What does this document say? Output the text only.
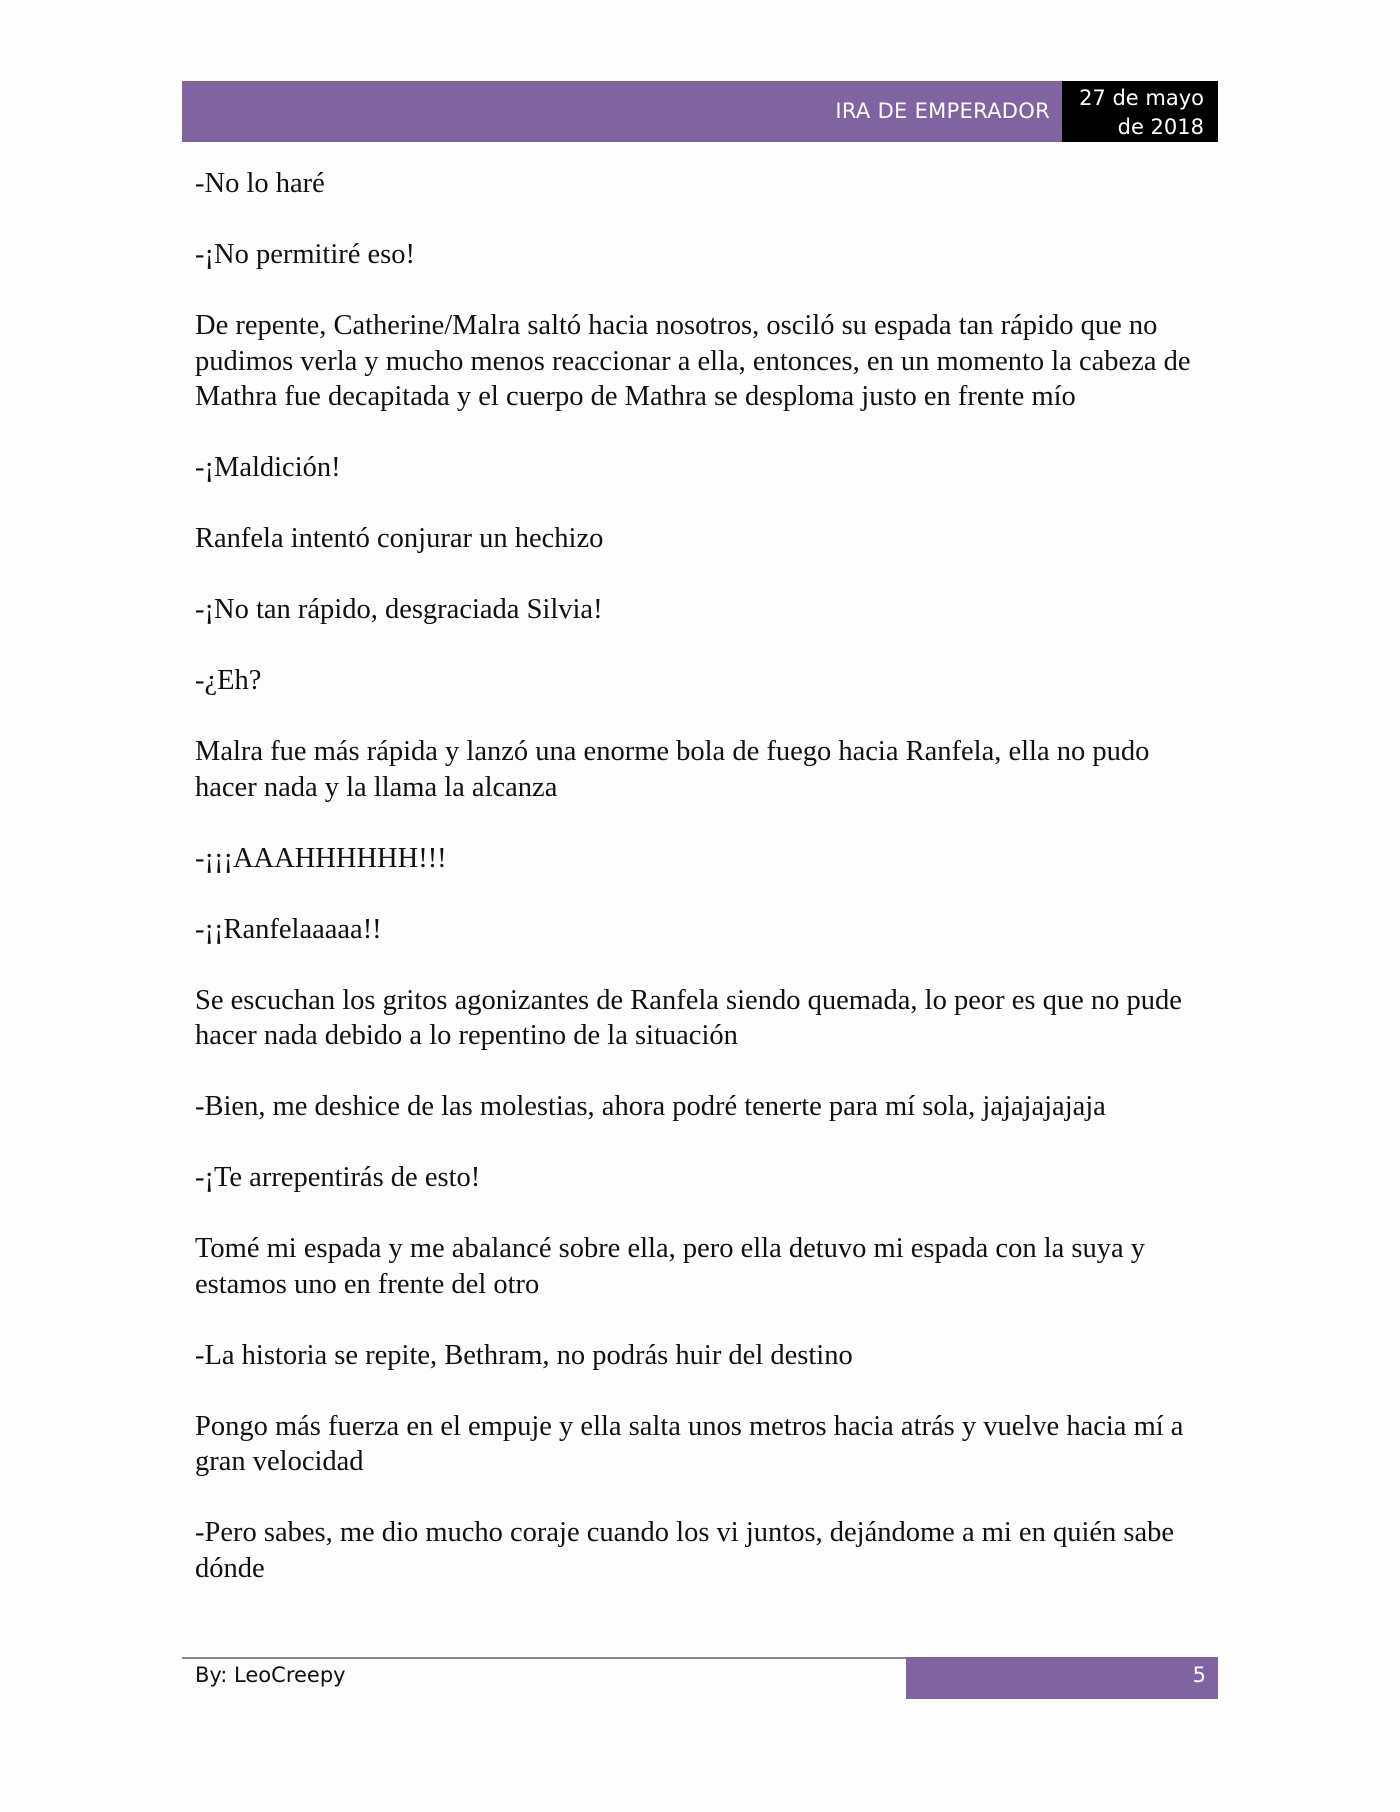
IRA DE EMPERADOR
27 de mayo
de 2018

-No lo haré

-¡No permitiré eso!

De repente, Catherine/Malra saltó hacia nosotros, osciló su espada tan rápido que no pudimos verla y mucho menos reaccionar a ella, entonces, en un momento la cabeza de Mathra fue decapitada y el cuerpo de Mathra se desploma justo en frente mío

-¡Maldición!

Ranfela intentó conjurar un hechizo

-¡No tan rápido, desgraciada Silvia!

-¿Eh?

Malra fue más rápida y lanzó una enorme bola de fuego hacia Ranfela, ella no pudo hacer nada y la llama la alcanza

-¡¡¡AAAHHHHHH!!!

-¡¡Ranfelaaaaa!!

Se escuchan los gritos agonizantes de Ranfela siendo quemada, lo peor es que no pude hacer nada debido a lo repentino de la situación

-Bien, me deshice de las molestias, ahora podré tenerte para mí sola, jajajajajaja

-¡Te arrepentirás de esto!

Tomé mi espada y me abalancé sobre ella, pero ella detuvo mi espada con la suya y estamos uno en frente del otro

-La historia se repite, Bethram, no podrás huir del destino

Pongo más fuerza en el empuje y ella salta unos metros hacia atrás y vuelve hacia mí a gran velocidad

-Pero sabes, me dio mucho coraje cuando los vi juntos, dejándome a mi en quién sabe dónde

By: LeoCreepy	5
